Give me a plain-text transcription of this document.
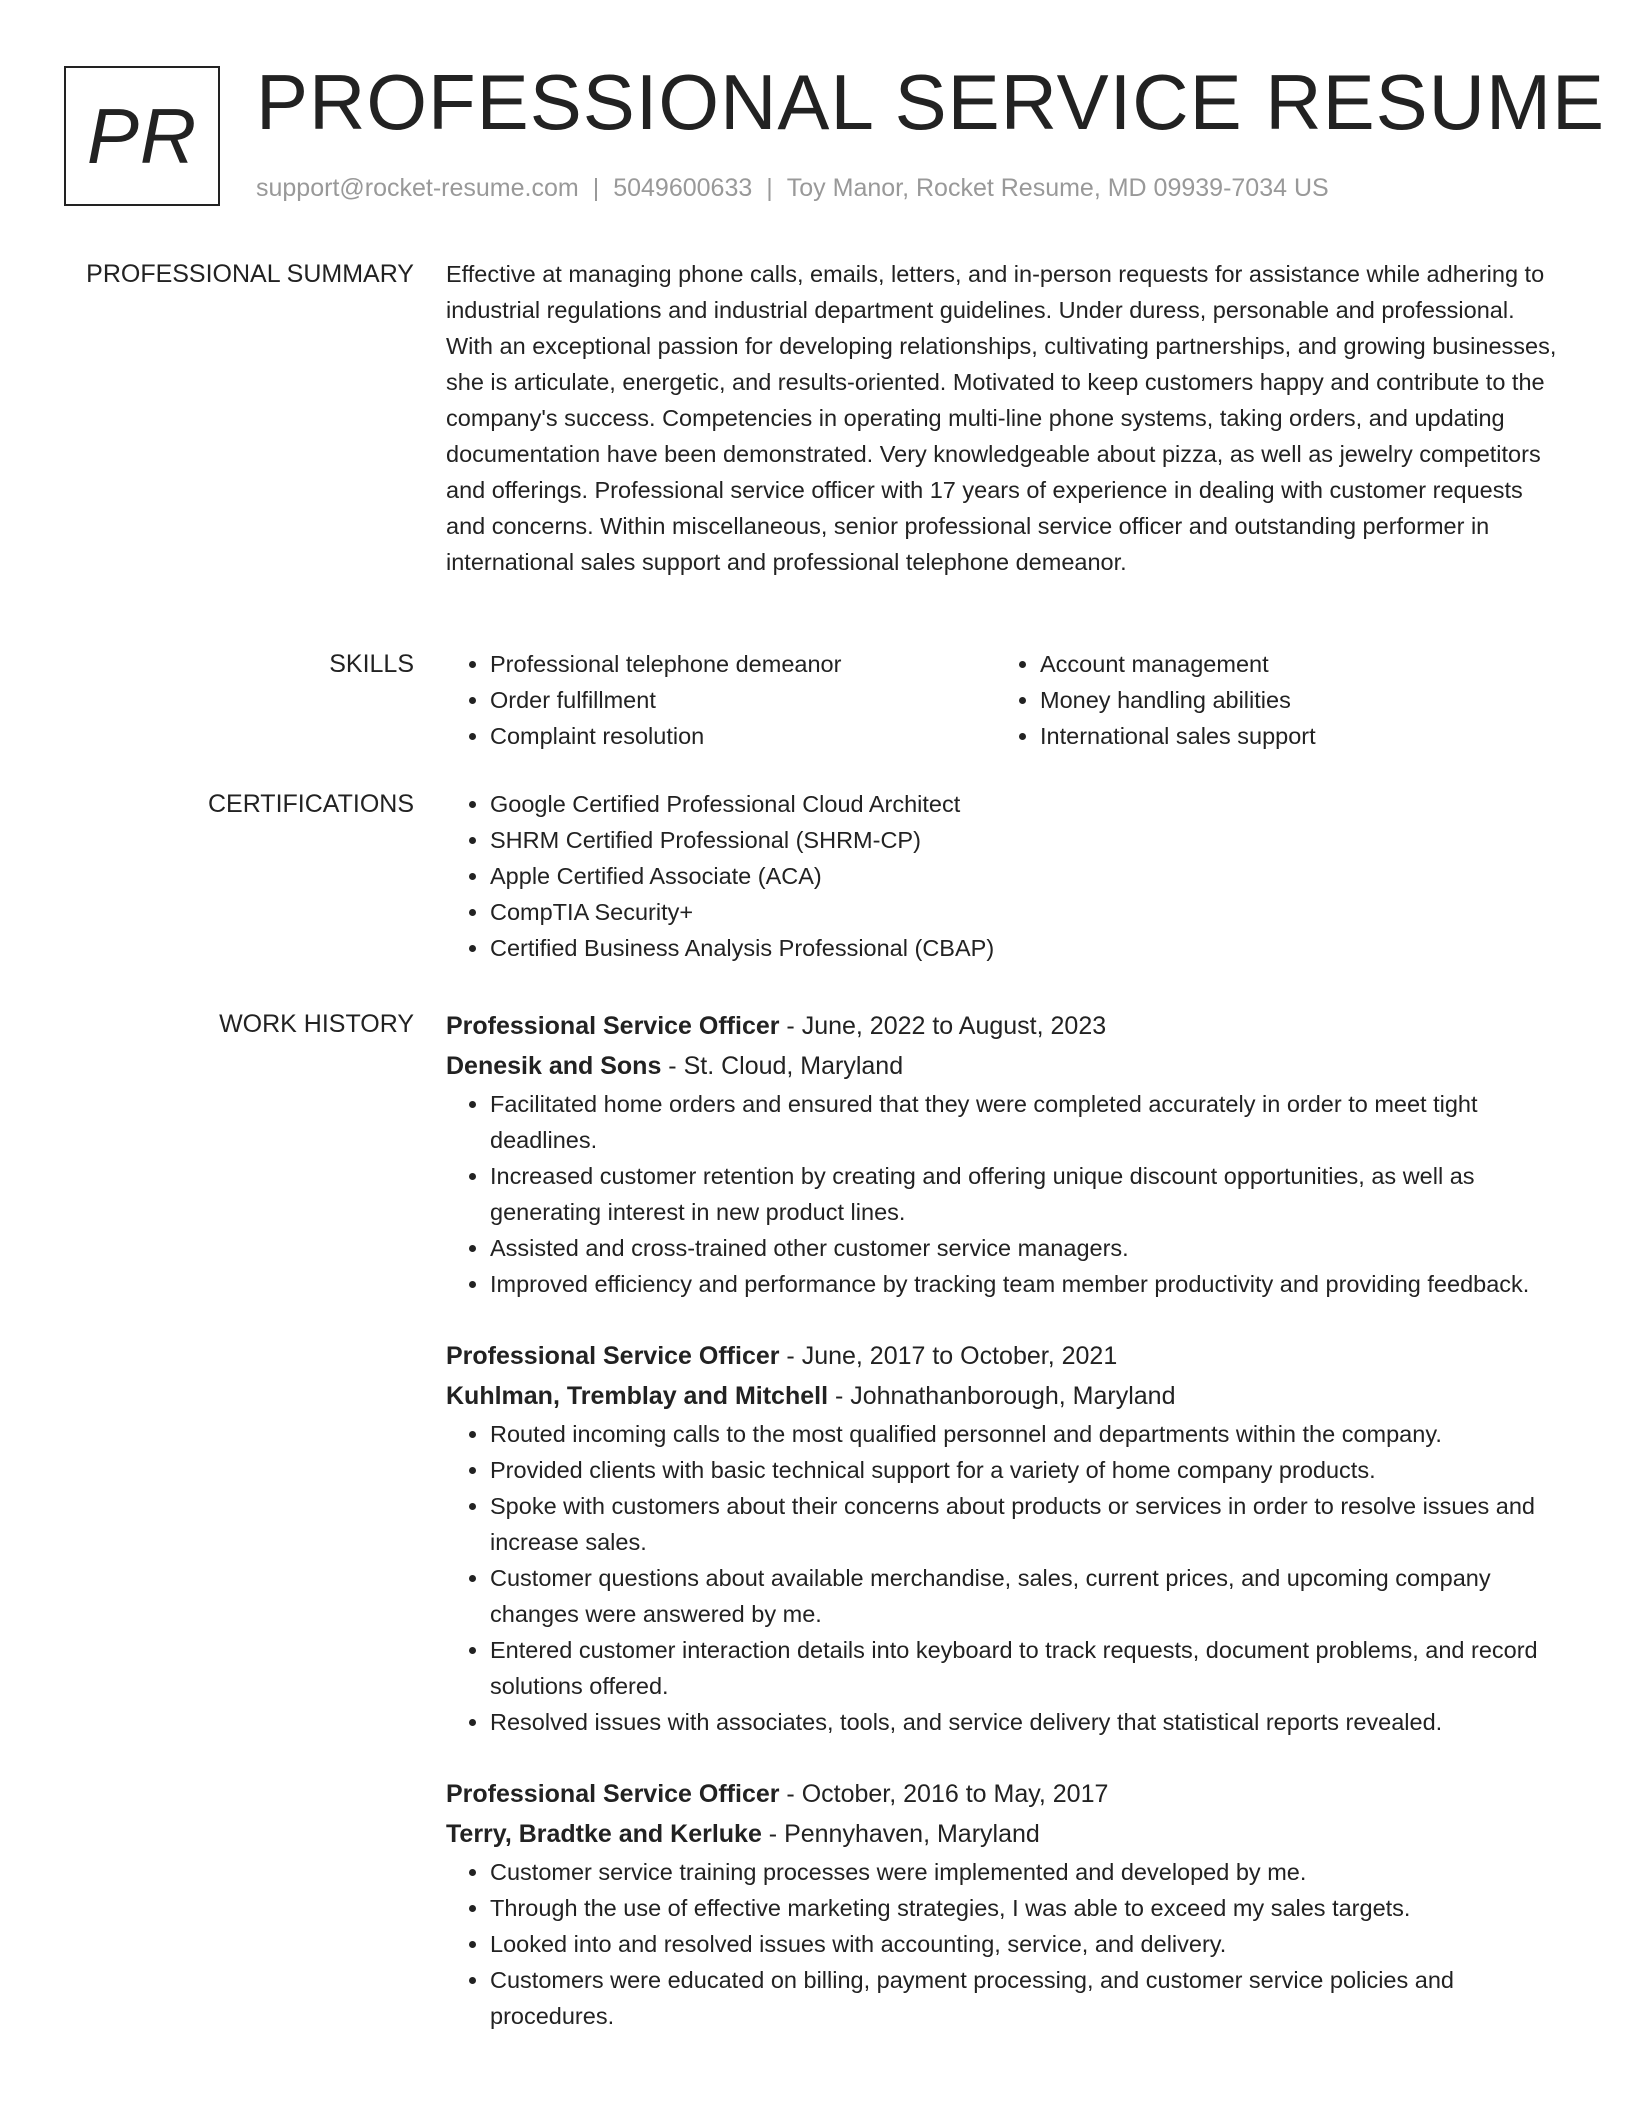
PR PROFESSIONAL SERVICE RESUME
support@rocket-resume.com | 5049600633 | Toy Manor, Rocket Resume, MD 09939-7034 US
PROFESSIONAL SUMMARY Effective at managing phone calls, emails, letters, and in-person requests for assistance while adhering to industrial regulations and industrial department guidelines. Under duress, personable and professional. With an exceptional passion for developing relationships, cultivating partnerships, and growing businesses, she is articulate, energetic, and results-oriented. Motivated to keep customers happy and contribute to the company's success. Competencies in operating multi-line phone systems, taking orders, and updating documentation have been demonstrated. Very knowledgeable about pizza, as well as jewelry competitors and offerings. Professional service officer with 17 years of experience in dealing with customer requests and concerns. Within miscellaneous, senior professional service officer and outstanding performer in international sales support and professional telephone demeanor.

SKILLS	• Professional telephone demeanor
• Order fulfillment
• Complaint resolution
• Account management
• Money handling abilities
• International sales support
CERTIFICATIONS	• Google Certified Professional Cloud Architect
• SHRM Certified Professional (SHRM-CP)
• Apple Certified Associate (ACA)
• CompTIA Security+
• Certified Business Analysis Professional (CBAP)
WORK HISTORY Professional Service Officer - June, 2022 to August, 2023
Denesik and Sons - St. Cloud, Maryland
• Facilitated home orders and ensured that they were completed accurately in order to meet tight deadlines.
• Increased customer retention by creating and offering unique discount opportunities, as well as generating interest in new product lines.
• Assisted and cross-trained other customer service managers.
• Improved efficiency and performance by tracking team member productivity and providing feedback.
Professional Service Officer - June, 2017 to October, 2021
Kuhlman, Tremblay and Mitchell - Johnathanborough, Maryland
• Routed incoming calls to the most qualified personnel and departments within the company.
• Provided clients with basic technical support for a variety of home company products.
• Spoke with customers about their concerns about products or services in order to resolve issues and increase sales.
• Customer questions about available merchandise, sales, current prices, and upcoming company changes were answered by me.
• Entered customer interaction details into keyboard to track requests, document problems, and record solutions offered.
• Resolved issues with associates, tools, and service delivery that statistical reports revealed.
Professional Service Officer - October, 2016 to May, 2017
Terry, Bradtke and Kerluke - Pennyhaven, Maryland
• Customer service training processes were implemented and developed by me.
• Through the use of effective marketing strategies, I was able to exceed my sales targets.
• Looked into and resolved issues with accounting, service, and delivery.
• Customers were educated on billing, payment processing, and customer service policies and procedures.
